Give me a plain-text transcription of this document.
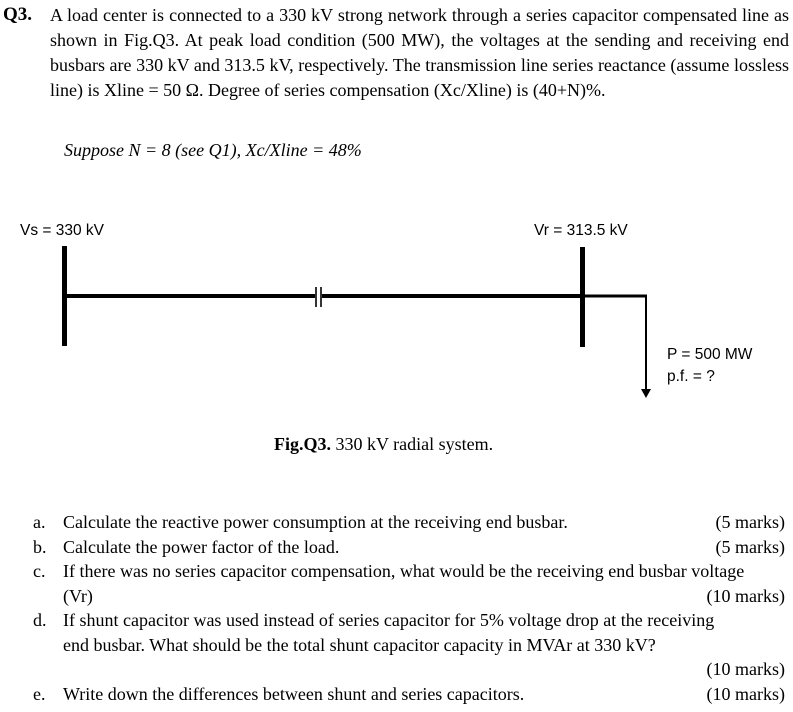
Q3. A load center is connected to a 330 kV strong network through a series capacitor compensated line as shown in Fig.Q3. At peak load condition (500 MW), the voltages at the sending and receiving end busbars are 330 kV and 313.5 kV, respectively. The transmission line series reactance (assume lossless line) is Xline = 50 Ω. Degree of series compensation (Xc/Xline) is (40+N)%.
Suppose N = 8 (see Q1), Xc/Xline = 48%
Vs = 330 kV	Vr = 313.5 kV
P = 500 MW
p.f. = ?
Fig.Q3. 330 kV radial system.
a. Calculate the reactive power consumption at the receiving end busbar.	(5 marks)
b. Calculate the power factor of the load.	(5 marks)
c. If there was no series capacitor compensation, what would be the receiving end busbar voltage
(Vr)	(10 marks)
d. If shunt capacitor was used instead of series capacitor for 5% voltage drop at the receiving
end busbar. What should be the total shunt capacitor capacity in MVAr at 330 kV?
(10 marks)
e. Write down the differences between shunt and series capacitors.	(10 marks)
